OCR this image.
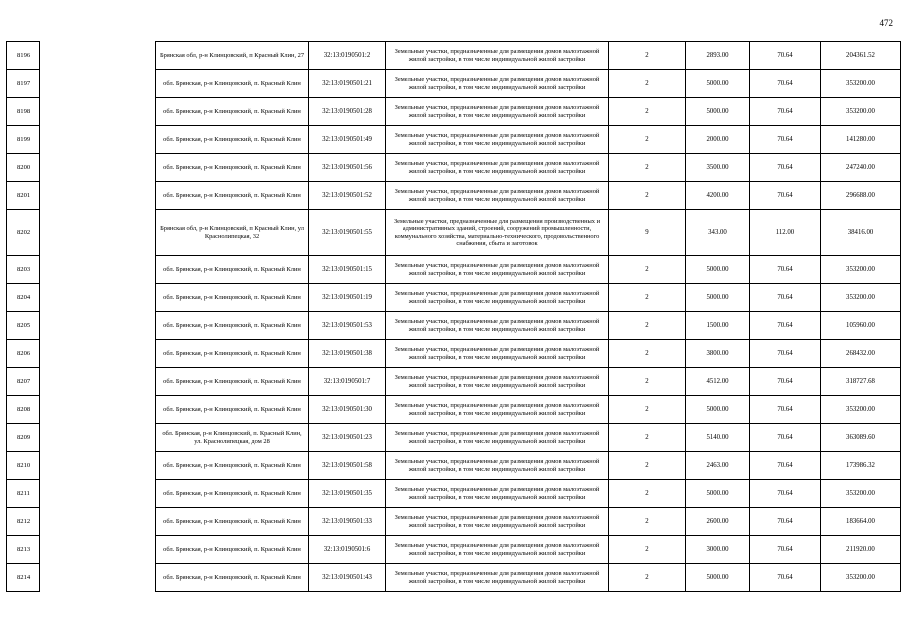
472
8196		Брянская обл, р-н Клинцовский, п Красный Клин, 27	32:13:0190501:2	Земельные участки, предназначенные для размещения домов малоэтажной жилой застройки, в том числе индивидуальной жилой застройки	2	2893.00	70.64	204361.52
8197		обл. Брянская, р-н Клинцовский, п. Красный Клин	32:13:0190501:21	Земельные участки, предназначенные для размещения домов малоэтажной жилой застройки, в том числе индивидуальной жилой застройки	2	5000.00	70.64	353200.00
8198		обл. Брянская, р-н Клинцовский, п. Красный Клин	32:13:0190501:28	Земельные участки, предназначенные для размещения домов малоэтажной жилой застройки, в том числе индивидуальной жилой застройки	2	5000.00	70.64	353200.00
8199		обл. Брянская, р-н Клинцовский, п. Красный Клин	32:13:0190501:49	Земельные участки, предназначенные для размещения домов малоэтажной жилой застройки, в том числе индивидуальной жилой застройки	2	2000.00	70.64	141280.00
8200		обл. Брянская, р-н Клинцовский, п. Красный Клин	32:13:0190501:56	Земельные участки, предназначенные для размещения домов малоэтажной жилой застройки, в том числе индивидуальной жилой застройки	2	3500.00	70.64	247240.00
8201		обл. Брянская, р-н Клинцовский, п. Красный Клин	32:13:0190501:52	Земельные участки, предназначенные для размещения домов малоэтажной жилой застройки, в том числе индивидуальной жилой застройки	2	4200.00	70.64	296688.00
8202		Брянская обл, р-н Клинцовский, п Красный Клин, ул Краснолипецкая, 32	32:13:0190501:55	Земельные участки, предназначенные для размещения производственных и административных зданий, строений, сооружений промышленности, коммунального хозяйства, материально-технического, продовольственного снабжения, сбыта и заготовок	9	343.00	112.00	38416.00
8203		обл. Брянская, р-н Клинцовский, п. Красный Клин	32:13:0190501:15	Земельные участки, предназначенные для размещения домов малоэтажной жилой застройки, в том числе индивидуальной жилой застройки	2	5000.00	70.64	353200.00
8204		обл. Брянская, р-н Клинцовский, п. Красный Клин	32:13:0190501:19	Земельные участки, предназначенные для размещения домов малоэтажной жилой застройки, в том числе индивидуальной жилой застройки	2	5000.00	70.64	353200.00
8205		обл. Брянская, р-н Клинцовский, п. Красный Клин	32:13:0190501:53	Земельные участки, предназначенные для размещения домов малоэтажной жилой застройки, в том числе индивидуальной жилой застройки	2	1500.00	70.64	105960.00
8206		обл. Брянская, р-н Клинцовский, п. Красный Клин	32:13:0190501:38	Земельные участки, предназначенные для размещения домов малоэтажной жилой застройки, в том числе индивидуальной жилой застройки	2	3800.00	70.64	268432.00
8207		обл. Брянская, р-н Клинцовский, п. Красный Клин	32:13:0190501:7	Земельные участки, предназначенные для размещения домов малоэтажной жилой застройки, в том числе индивидуальной жилой застройки	2	4512.00	70.64	318727.68
8208		обл. Брянская, р-н Клинцовский, п. Красный Клин	32:13:0190501:30	Земельные участки, предназначенные для размещения домов малоэтажной жилой застройки, в том числе индивидуальной жилой застройки	2	5000.00	70.64	353200.00
8209		обл. Брянская, р-н Клинцовский, п. Красный Клин, ул. Краснолипецкая, дом 28	32:13:0190501:23	Земельные участки, предназначенные для размещения домов малоэтажной жилой застройки, в том числе индивидуальной жилой застройки	2	5140.00	70.64	363089.60
8210		обл. Брянская, р-н Клинцовский, п. Красный Клин	32:13:0190501:58	Земельные участки, предназначенные для размещения домов малоэтажной жилой застройки, в том числе индивидуальной жилой застройки	2	2463.00	70.64	173986.32
8211		обл. Брянская, р-н Клинцовский, п. Красный Клин	32:13:0190501:35	Земельные участки, предназначенные для размещения домов малоэтажной жилой застройки, в том числе индивидуальной жилой застройки	2	5000.00	70.64	353200.00
8212		обл. Брянская, р-н Клинцовский, п. Красный Клин	32:13:0190501:33	Земельные участки, предназначенные для размещения домов малоэтажной жилой застройки, в том числе индивидуальной жилой застройки	2	2600.00	70.64	183664.00
8213		обл. Брянская, р-н Клинцовский, п. Красный Клин	32:13:0190501:6	Земельные участки, предназначенные для размещения домов малоэтажной жилой застройки, в том числе индивидуальной жилой застройки	2	3000.00	70.64	211920.00
8214		обл. Брянская, р-н Клинцовский, п. Красный Клин	32:13:0190501:43	Земельные участки, предназначенные для размещения домов малоэтажной жилой застройки, в том числе индивидуальной жилой застройки	2	5000.00	70.64	353200.00
